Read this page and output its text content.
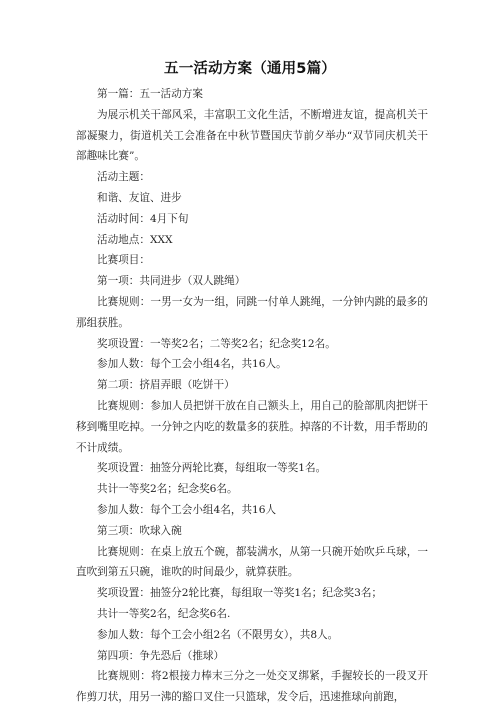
五一活动方案（通用5篇）

第一篇：五一活动方案

为展示机关干部风采，丰富职工文化生活，不断增进友谊，提高机关干部凝聚力，街道机关工会准备在中秋节暨国庆节前夕举办“双节同庆机关干部趣味比赛”。

活动主题：

和谐、友谊、进步

活动时间：4月下旬

活动地点：XXX

比赛项目：

第一项：共同进步（双人跳绳）

比赛规则：一男一女为一组，同跳一付单人跳绳，一分钟内跳的最多的那组获胜。

奖项设置：一等奖2名；二等奖2名；纪念奖12名。

参加人数：每个工会小组4名，共16人。

第二项：挤眉弄眼（吃饼干）

比赛规则：参加人员把饼干放在自己额头上，用自己的脸部肌肉把饼干移到嘴里吃掉。一分钟之内吃的数量多的获胜。掉落的不计数，用手帮助的不计成绩。

奖项设置：抽签分两轮比赛，每组取一等奖1名。

共计一等奖2名；纪念奖6名。

参加人数：每个工会小组4名，共16人

第三项：吹球入碗

比赛规则：在桌上放五个碗，都装满水，从第一只碗开始吹乒乓球，一直吹到第五只碗，谁吹的时间最少，就算获胜。

奖项设置：抽签分2轮比赛，每组取一等奖1名；纪念奖3名；

共计一等奖2名，纪念奖6名.

参加人数：每个工会小组2名（不限男女），共8人。

第四项：争先恐后（推球）

比赛规则：将2根接力棒末三分之一处交叉绑紧，手握较长的一段叉开作剪刀状，用另一沸的豁口叉住一只篮球，发令后，迅速推球向前跑，
